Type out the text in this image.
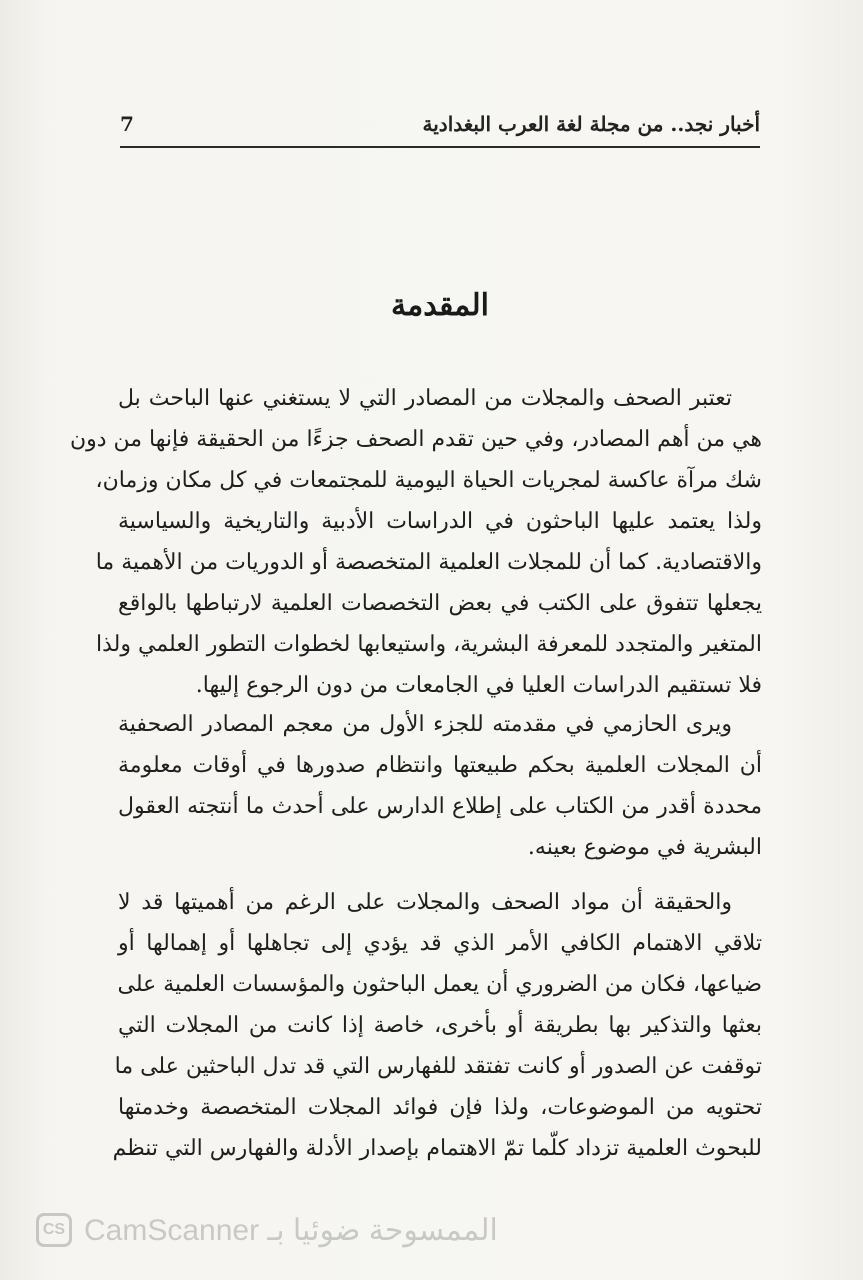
أخبار نجد.. من مجلة لغة العرب البغدادية
7
المقدمة
تعتبر الصحف والمجلات من المصادر التي لا يستغني عنها الباحث بل
هي من أهم المصادر، وفي حين تقدم الصحف جزءًا من الحقيقة فإنها من دون
شك مرآة عاكسة لمجريات الحياة اليومية للمجتمعات في كل مكان وزمان،
ولذا يعتمد عليها الباحثون في الدراسات الأدبية والتاريخية والسياسية
والاقتصادية. كما أن للمجلات العلمية المتخصصة أو الدوريات من الأهمية ما
يجعلها تتفوق على الكتب في بعض التخصصات العلمية لارتباطها بالواقع
المتغير والمتجدد للمعرفة البشرية، واستيعابها لخطوات التطور العلمي ولذا
فلا تستقيم الدراسات العليا في الجامعات من دون الرجوع إليها.
ويرى الحازمي في مقدمته للجزء الأول من معجم المصادر الصحفية
أن المجلات العلمية بحكم طبيعتها وانتظام صدورها في أوقات معلومة
محددة أقدر من الكتاب على إطلاع الدارس على أحدث ما أنتجته العقول
البشرية في موضوع بعينه.
والحقيقة أن مواد الصحف والمجلات على الرغم من أهميتها قد لا
تلاقي الاهتمام الكافي الأمر الذي قد يؤدي إلى تجاهلها أو إهمالها أو
ضياعها، فكان من الضروري أن يعمل الباحثون والمؤسسات العلمية على
بعثها والتذكير بها بطريقة أو بأخرى، خاصة إذا كانت من المجلات التي
توقفت عن الصدور أو كانت تفتقد للفهارس التي قد تدل الباحثين على ما
تحتويه من الموضوعات، ولذا فإن فوائد المجلات المتخصصة وخدمتها
للبحوث العلمية تزداد كلّما تمّ الاهتمام بإصدار الأدلة والفهارس التي تنظم
CS CamScanner الممسوحة ضوئيا بـ
